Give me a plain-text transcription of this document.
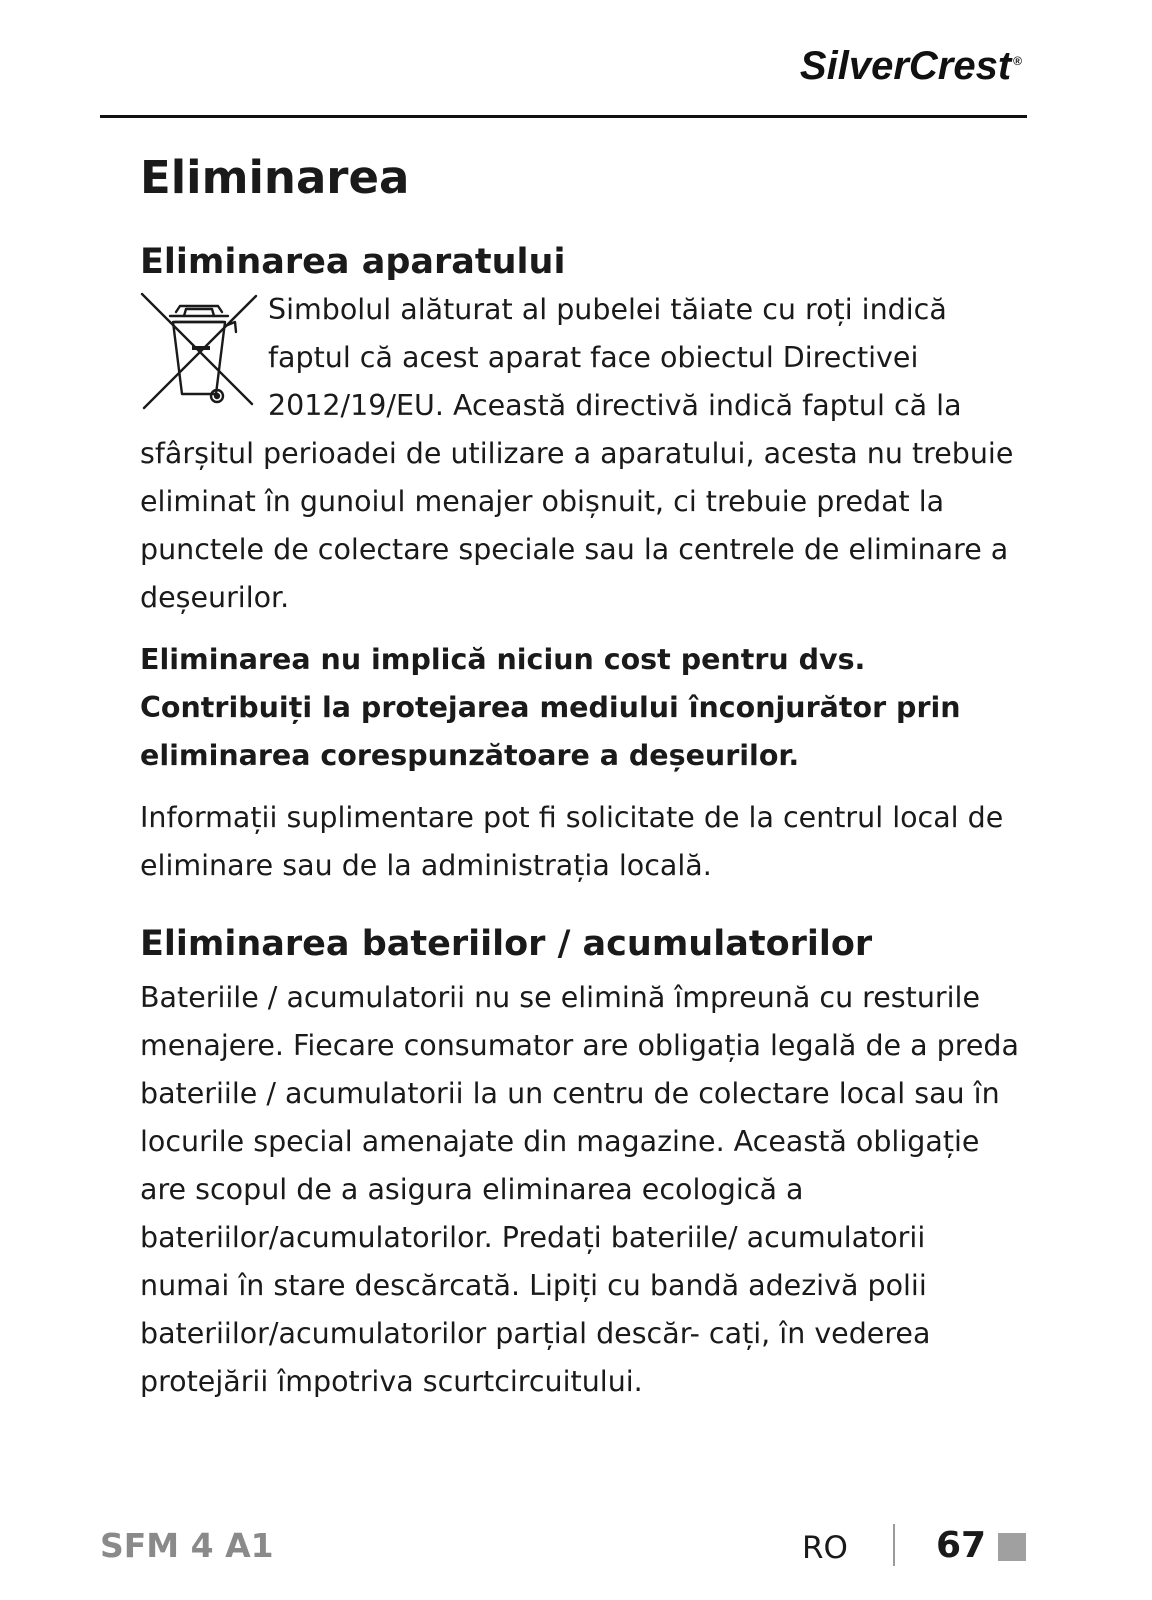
SilverCrest ®
Eliminarea
Eliminarea aparatului

Simbolul alăturat al pubelei tăiate cu roți indică faptul că acest aparat face obiectul Directivei 2012/19/EU. Această directivă indică faptul că la sfârșitul perioadei de utilizare a aparatului, acesta nu trebuie eliminat în gunoiul menajer obișnuit, ci trebuie predat la punctele de colectare speciale sau la centrele de eliminare a deșeurilor.

Eliminarea nu implică niciun cost pentru dvs. Contribuiți la protejarea mediului înconjurător prin eliminarea corespunzătoare a deșeurilor.

Informații suplimentare pot fi solicitate de la centrul local de eliminare sau de la administrația locală.

Eliminarea bateriilor / acumulatorilor

Bateriile / acumulatorii nu se elimină împreună cu resturile menajere. Fiecare consumator are obligația legală de a preda bateriile / acumulatorii la un centru de colectare local sau în locurile special amenajate din magazine. Această obligație are scopul de a asigura eliminarea ecologică a bateriilor/acumulatorilor. Predați bateriile/ acumulatorii numai în stare descărcată. Lipiți cu bandă adezivă polii bateriilor/acumulatorilor parțial descăr- cați, în vederea protejării împotriva scurtcircuitului.

SFM 4 A1	RO 67
